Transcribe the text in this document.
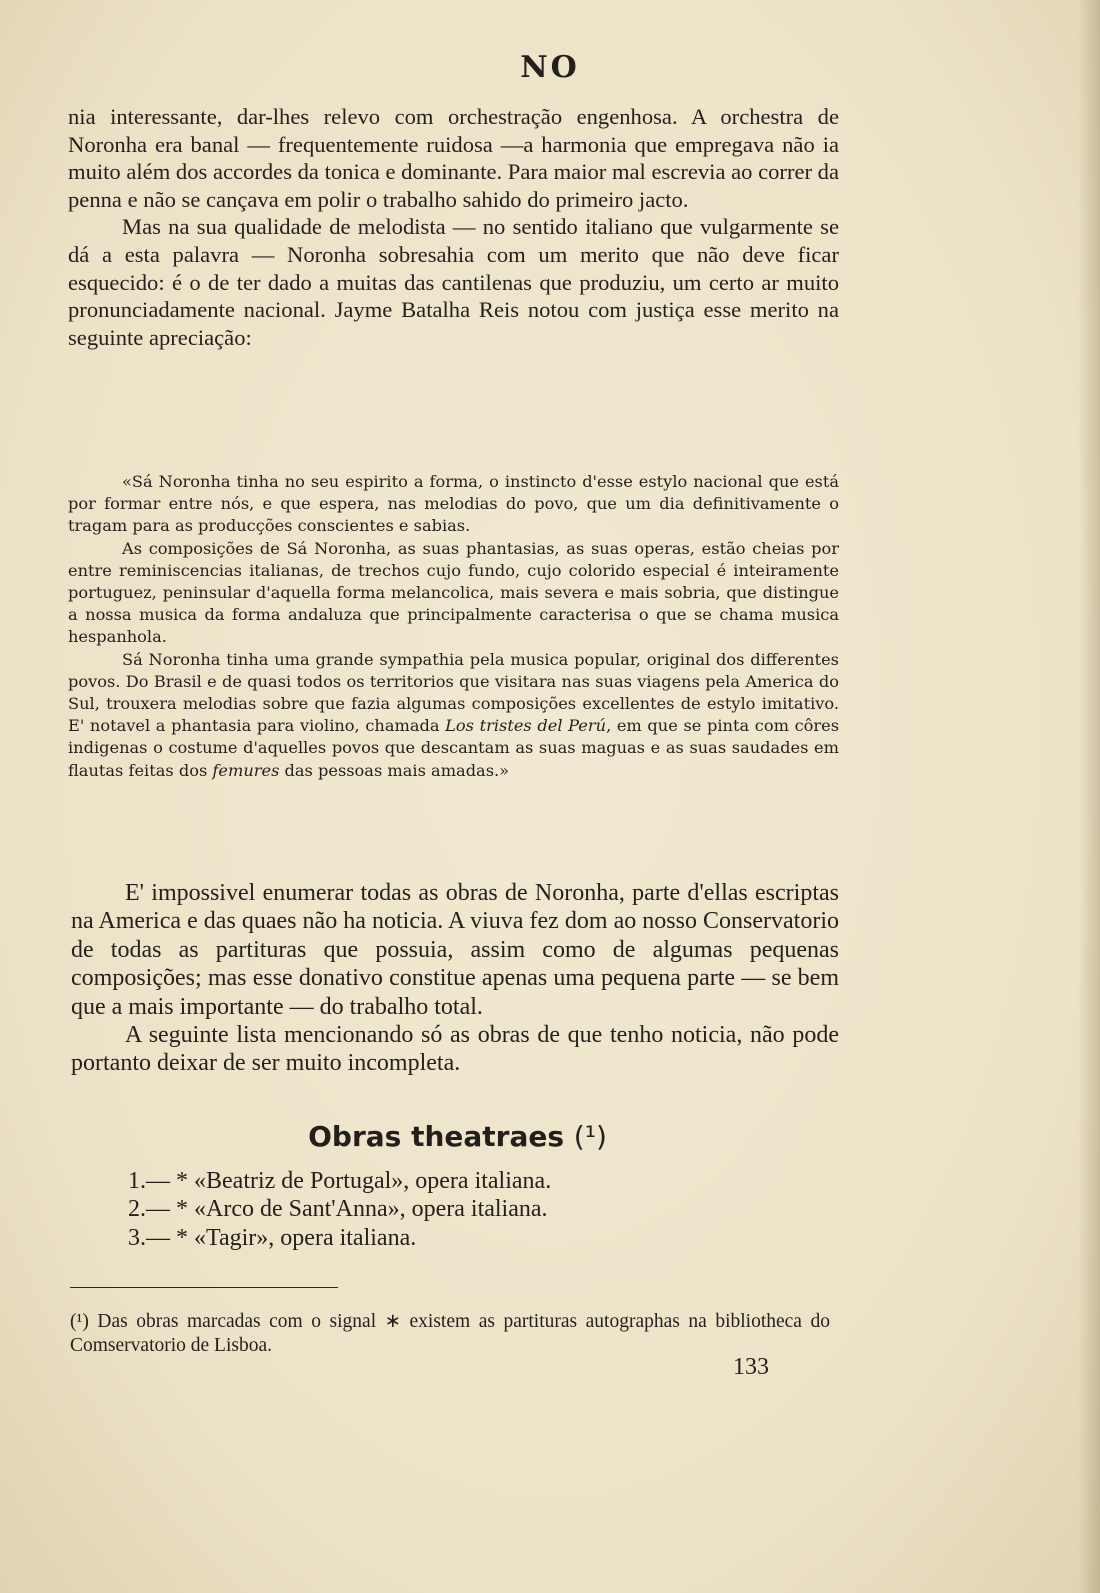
NO

nia interessante, dar-lhes relevo com orchestração engenhosa. A orchestra de Noronha era banal — frequentemente ruidosa —a harmonia que empregava não ia muito além dos accordes da tonica e dominante. Para maior mal escrevia ao correr da penna e não se cançava em polir o trabalho sahido do primeiro jacto.

Mas na sua qualidade de melodista — no sentido italiano que vulgarmente se dá a esta palavra — Noronha sobresahia com um merito que não deve ficar esquecido: é o de ter dado a muitas das cantilenas que produziu, um certo ar muito pronunciadamente nacional. Jayme Batalha Reis notou com justiça esse merito na seguinte apreciação:

«Sá Noronha tinha no seu espirito a forma, o instincto d'esse estylo nacional que está por formar entre nós, e que espera, nas melodias do povo, que um dia definitivamente o tragam para as producções conscientes e sabias.

As composições de Sá Noronha, as suas phantasias, as suas operas, estão cheias por entre reminiscencias italianas, de trechos cujo fundo, cujo colorido especial é inteiramente portuguez, peninsular d'aquella forma melancolica, mais severa e mais sobria, que distingue a nossa musica da forma andaluza que principalmente caracterisa o que se chama musica hespanhola.

Sá Noronha tinha uma grande sympathia pela musica popular, original dos differentes povos. Do Brasil e de quasi todos os territorios que visitara nas suas viagens pela America do Sul, trouxera melodias sobre que fazia algumas composições excellentes de estylo imitativo. E' notavel a phantasia para violino, chamada Los tristes del Perú, em que se pinta com côres indigenas o costume d'aquelles povos que descantam as suas maguas e as suas saudades em flautas feitas dos femures das pessoas mais amadas.»

E' impossivel enumerar todas as obras de Noronha, parte d'ellas escriptas na America e das quaes não ha noticia. A viuva fez dom ao nosso Conservatorio de todas as partituras que possuia, assim como de algumas pequenas composições; mas esse donativo constitue apenas uma pequena parte — se bem que a mais importante — do trabalho total.

A seguinte lista mencionando só as obras de que tenho noticia, não pode portanto deixar de ser muito incompleta.

Obras theatraes (¹)
1.— * «Beatriz de Portugal», opera italiana.
2.— * «Arco de Sant'Anna», opera italiana.
3.— * «Tagir», opera italiana.
(¹) Das obras marcadas com o signal ∗ existem as partituras autographas na bibliotheca do Comservatorio de Lisboa.
133
